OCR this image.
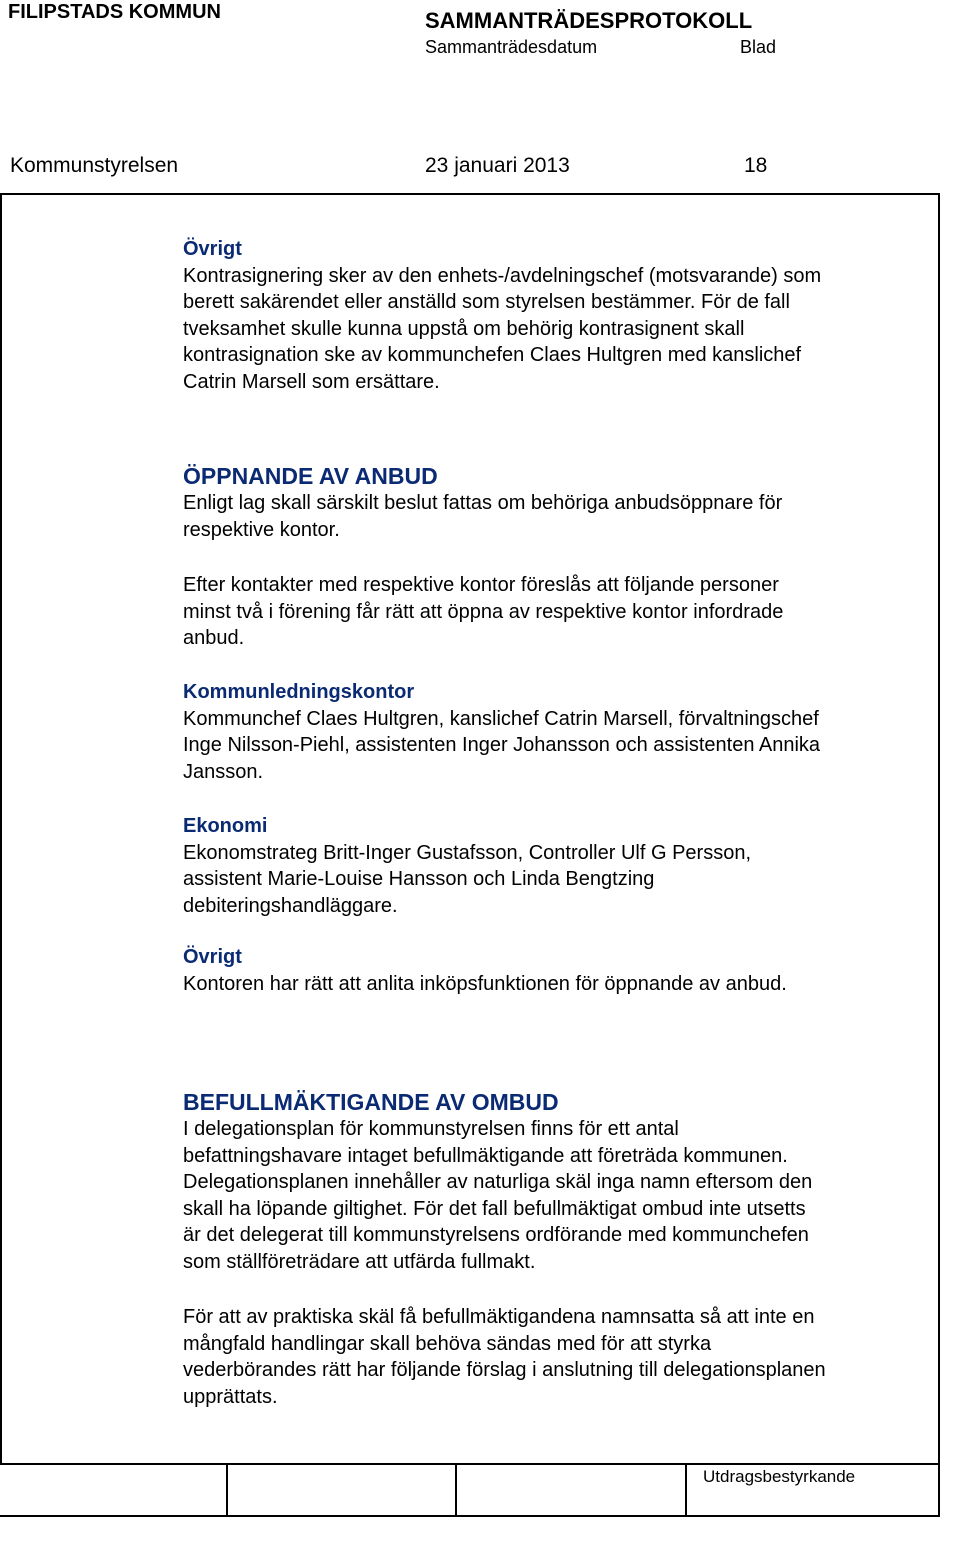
FILIPSTADS KOMMUN	SAMMANTRÄDESPROTOKOLL
Sammanträdesdatum	Blad
Kommunstyrelsen	23 januari 2013	18
Övrigt
Kontrasignering sker av den enhets-/avdelningschef (motsvarande) som
berett sakärendet eller anställd som styrelsen bestämmer. För de fall
tveksamhet skulle kunna uppstå om behörig kontrasignent skall
kontrasignation ske av kommunchefen Claes Hultgren med kanslichef
Catrin Marsell som ersättare.
ÖPPNANDE AV ANBUD
Enligt lag skall särskilt beslut fattas om behöriga anbudsöppnare för
respektive kontor.
Efter kontakter med respektive kontor föreslås att följande personer
minst två i förening får rätt att öppna av respektive kontor infordrade
anbud.
Kommunledningskontor
Kommunchef Claes Hultgren, kanslichef Catrin Marsell, förvaltningschef
Inge Nilsson-Piehl, assistenten Inger Johansson och assistenten Annika
Jansson.
Ekonomi
Ekonomstrateg Britt-Inger Gustafsson, Controller Ulf G Persson,
assistent Marie-Louise Hansson och Linda Bengtzing
debiteringshandläggare.
Övrigt
Kontoren har rätt att anlita inköpsfunktionen för öppnande av anbud.
BEFULLMÄKTIGANDE AV OMBUD
I delegationsplan för kommunstyrelsen finns för ett antal
befattningshavare intaget befullmäktigande att företräda kommunen.
Delegationsplanen innehåller av naturliga skäl inga namn eftersom den
skall ha löpande giltighet. För det fall befullmäktigat ombud inte utsetts
är det delegerat till kommunstyrelsens ordförande med kommunchefen
som ställföreträdare att utfärda fullmakt.
För att av praktiska skäl få befullmäktigandena namnsatta så att inte en
mångfald handlingar skall behöva sändas med för att styrka
vederbörandes rätt har följande förslag i anslutning till delegationsplanen
upprättats.
Utdragsbestyrkande
